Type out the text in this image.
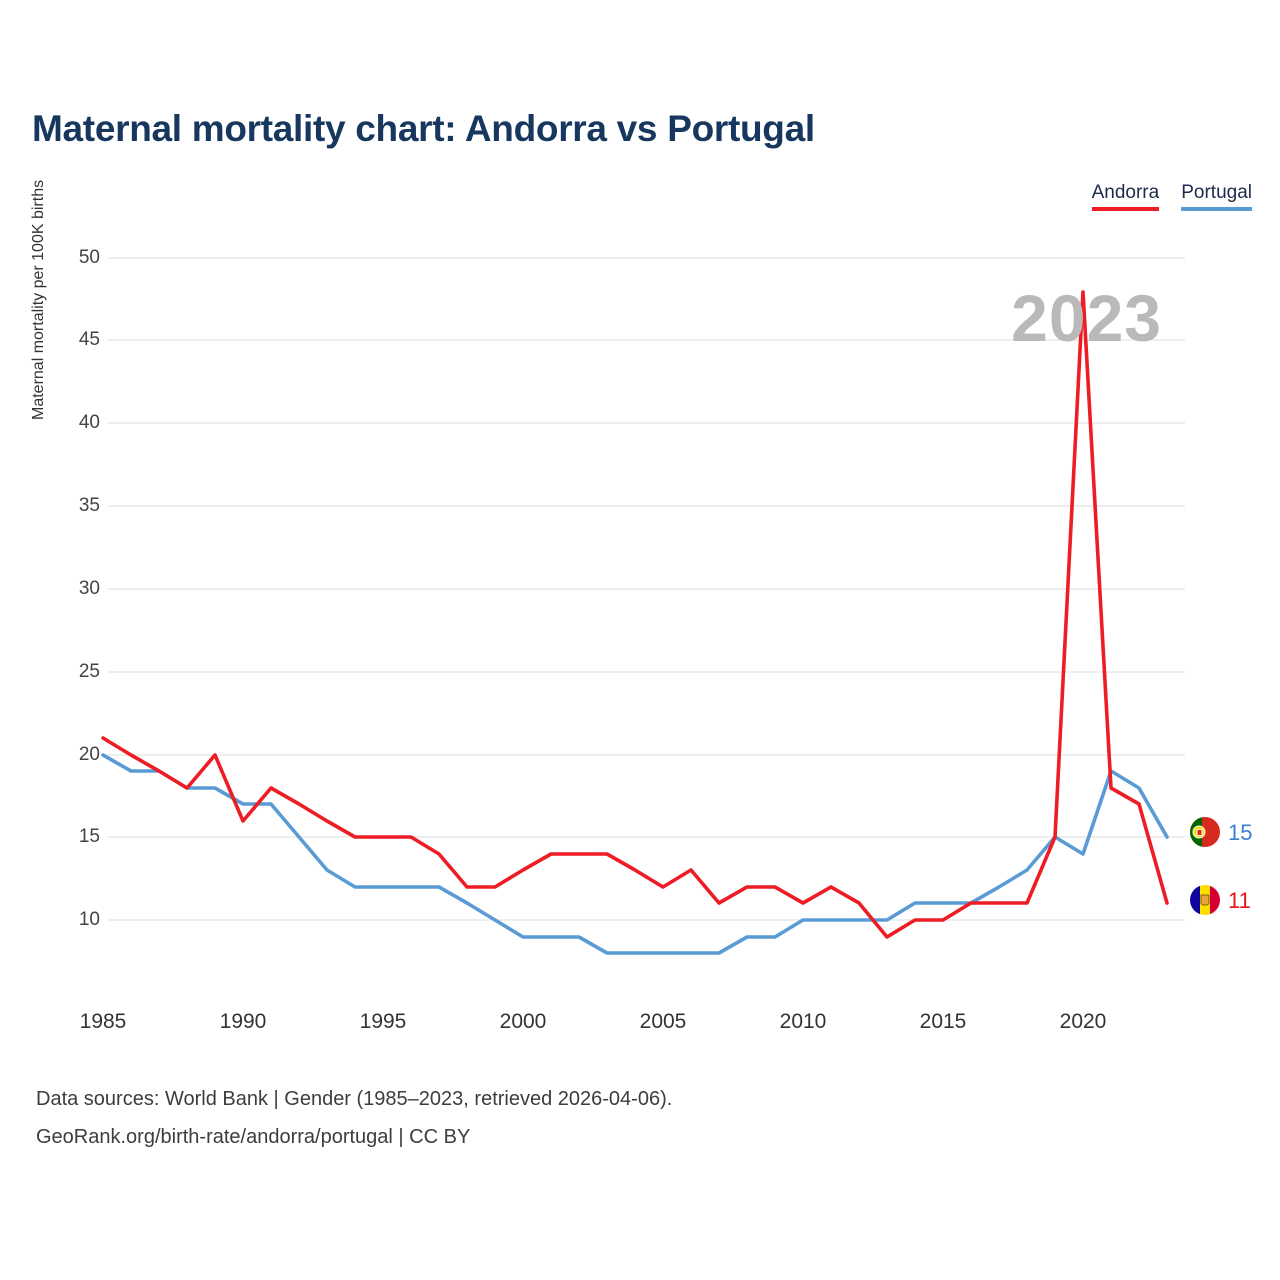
Maternal mortality chart: Andorra vs Portugal
Andorra Portugal
Maternal mortality per 100K births	50
45
40
35
30
25
20
15
10
2023
15
11
1985	1990	1995	2000	2005	2010	2015	2020
Data sources: World Bank | Gender (1985–2023, retrieved 2026-04-06).
GeoRank.org/birth-rate/andorra/portugal | CC BY
